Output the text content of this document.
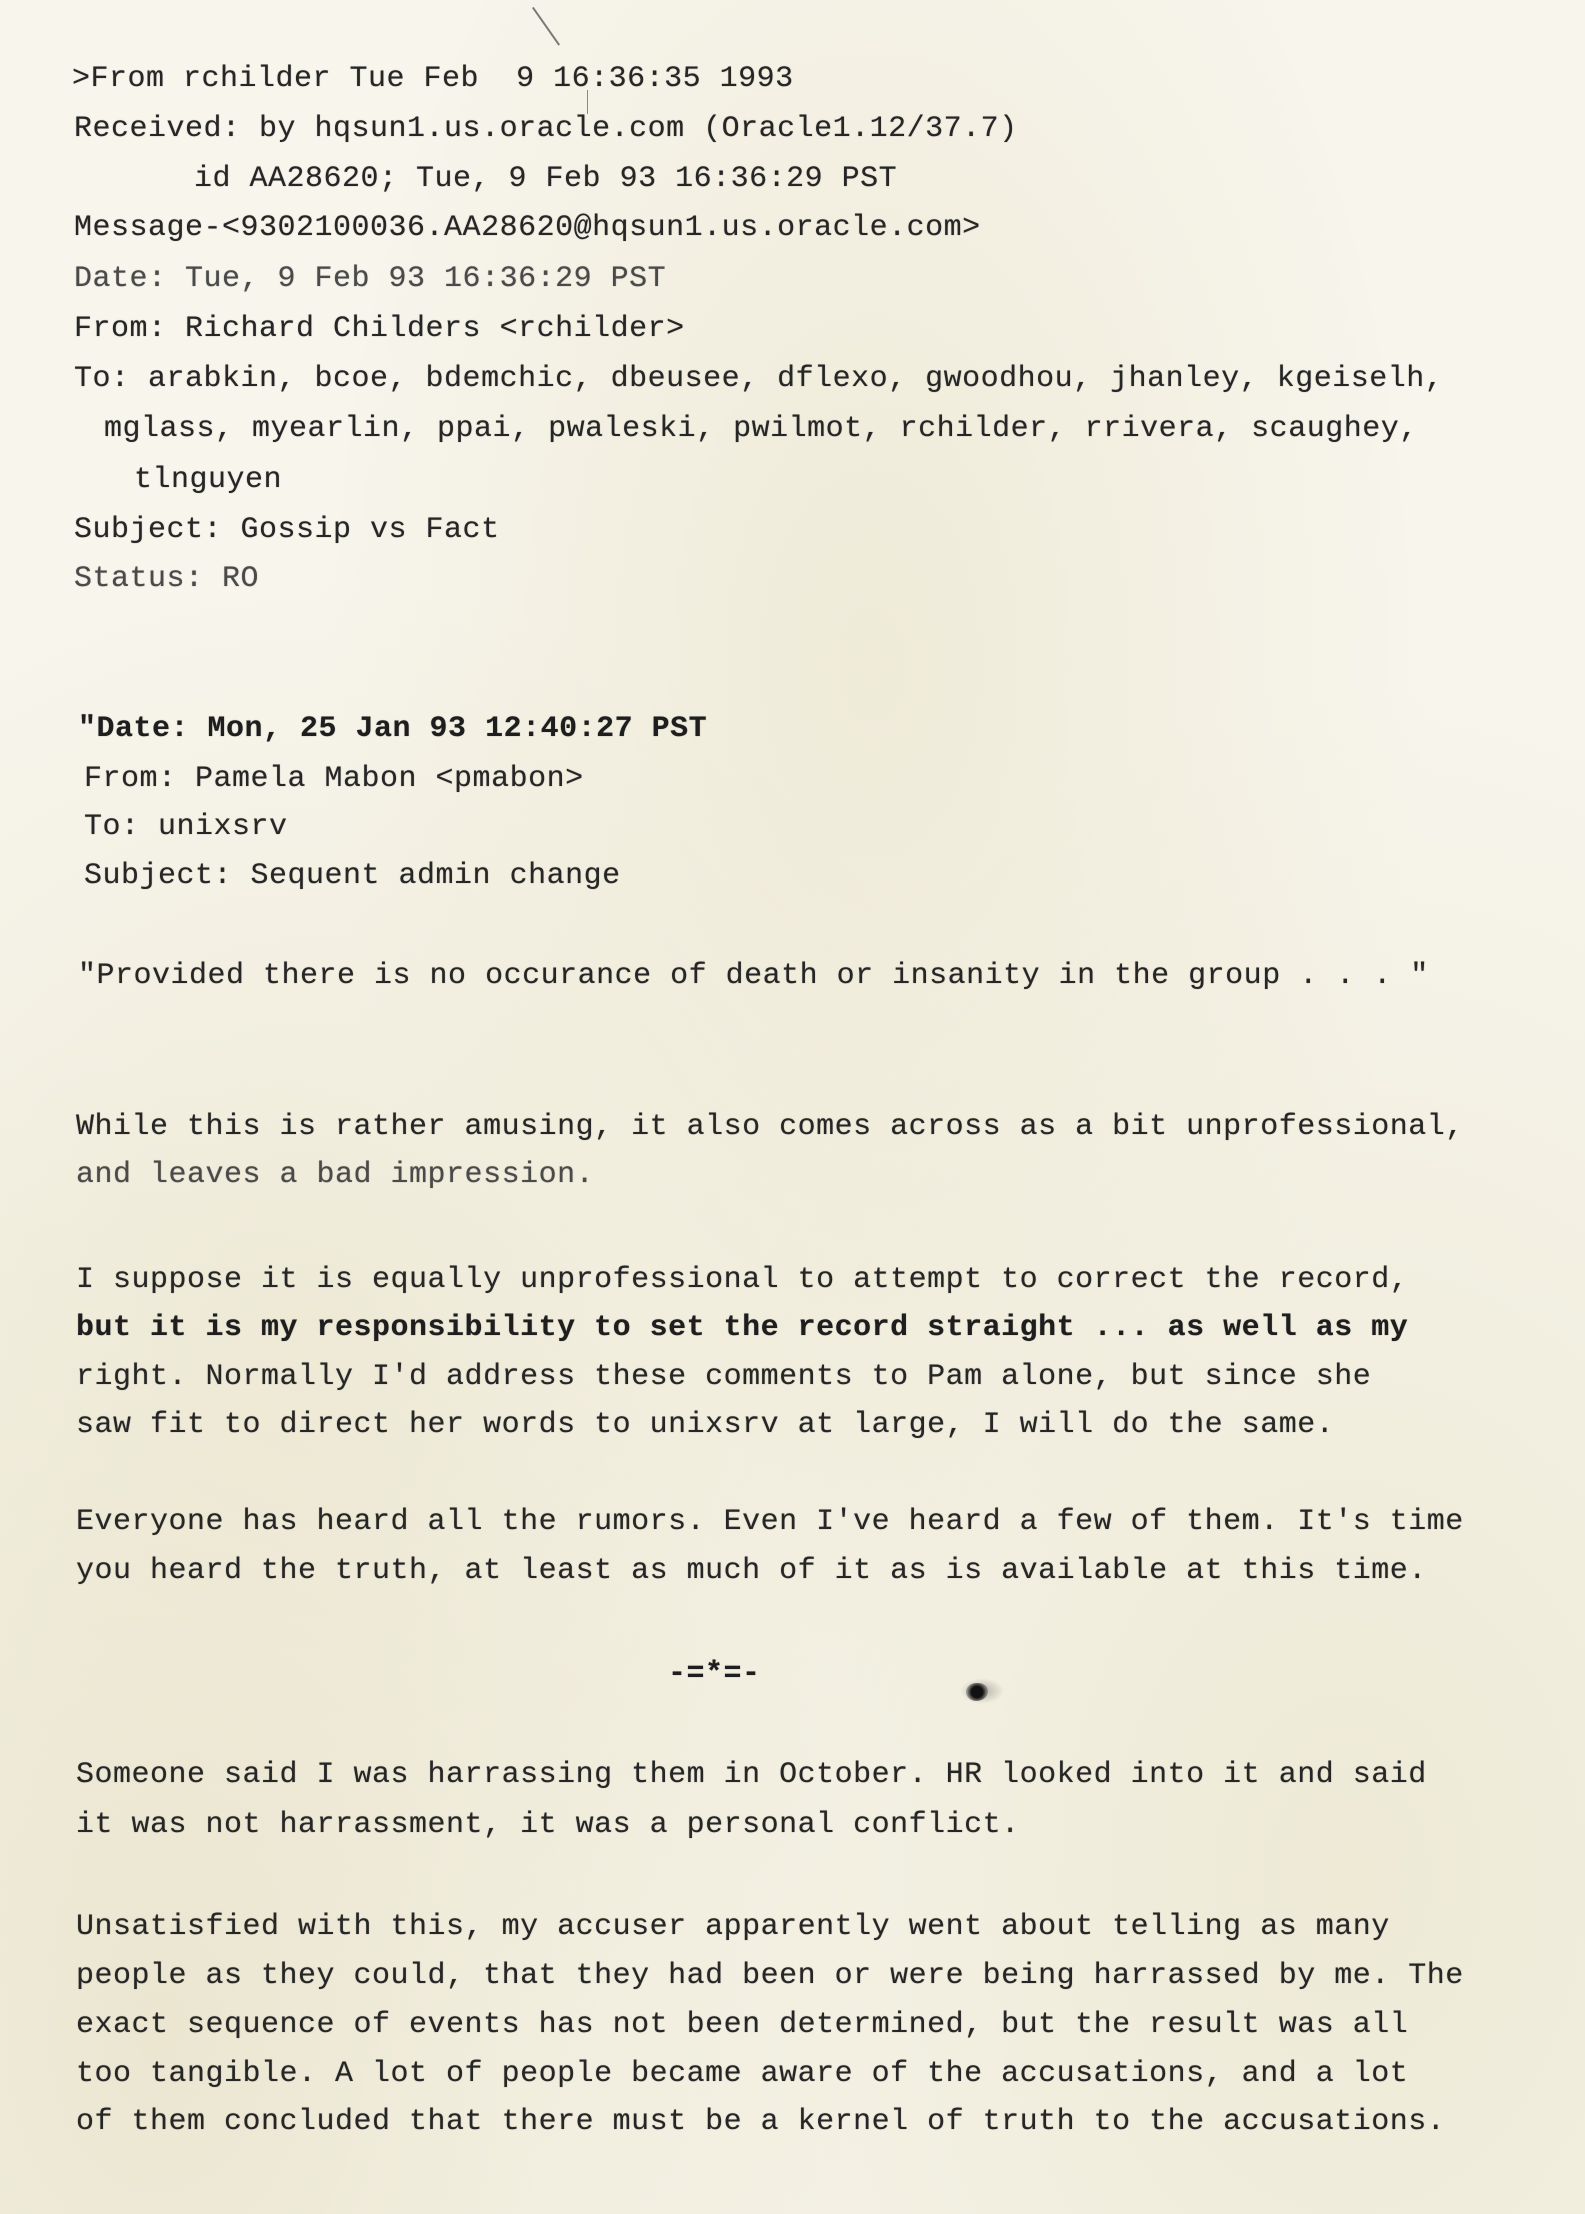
>From rchilder Tue Feb  9 16:36:35 1993
Received: by hqsun1.us.oracle.com (Oracle1.12/37.7)
id AA28620; Tue, 9 Feb 93 16:36:29 PST
Message-<9302100036.AA28620@hqsun1.us.oracle.com>
Date: Tue, 9 Feb 93 16:36:29 PST
From: Richard Childers <rchilder>
To: arabkin, bcoe, bdemchic, dbeusee, dflexo, gwoodhou, jhanley, kgeiselh,
mglass, myearlin, ppai, pwaleski, pwilmot, rchilder, rrivera, scaughey,
tlnguyen
Subject: Gossip vs Fact
Status: RO
"Date: Mon, 25 Jan 93 12:40:27 PST
From: Pamela Mabon <pmabon>
To: unixsrv
Subject: Sequent admin change
"Provided there is no occurance of death or insanity in the group . . . "
While this is rather amusing, it also comes across as a bit unprofessional,
and leaves a bad impression.
I suppose it is equally unprofessional to attempt to correct the record,
but it is my responsibility to set the record straight ... as well as my
right. Normally I'd address these comments to Pam alone, but since she
saw fit to direct her words to unixsrv at large, I will do the same.
Everyone has heard all the rumors. Even I've heard a few of them. It's time
you heard the truth, at least as much of it as is available at this time.
-=*=-
Someone said I was harrassing them in October. HR looked into it and said
it was not harrassment, it was a personal conflict.
Unsatisfied with this, my accuser apparently went about telling as many
people as they could, that they had been or were being harrassed by me. The
exact sequence of events has not been determined, but the result was all
too tangible. A lot of people became aware of the accusations, and a lot
of them concluded that there must be a kernel of truth to the accusations.
